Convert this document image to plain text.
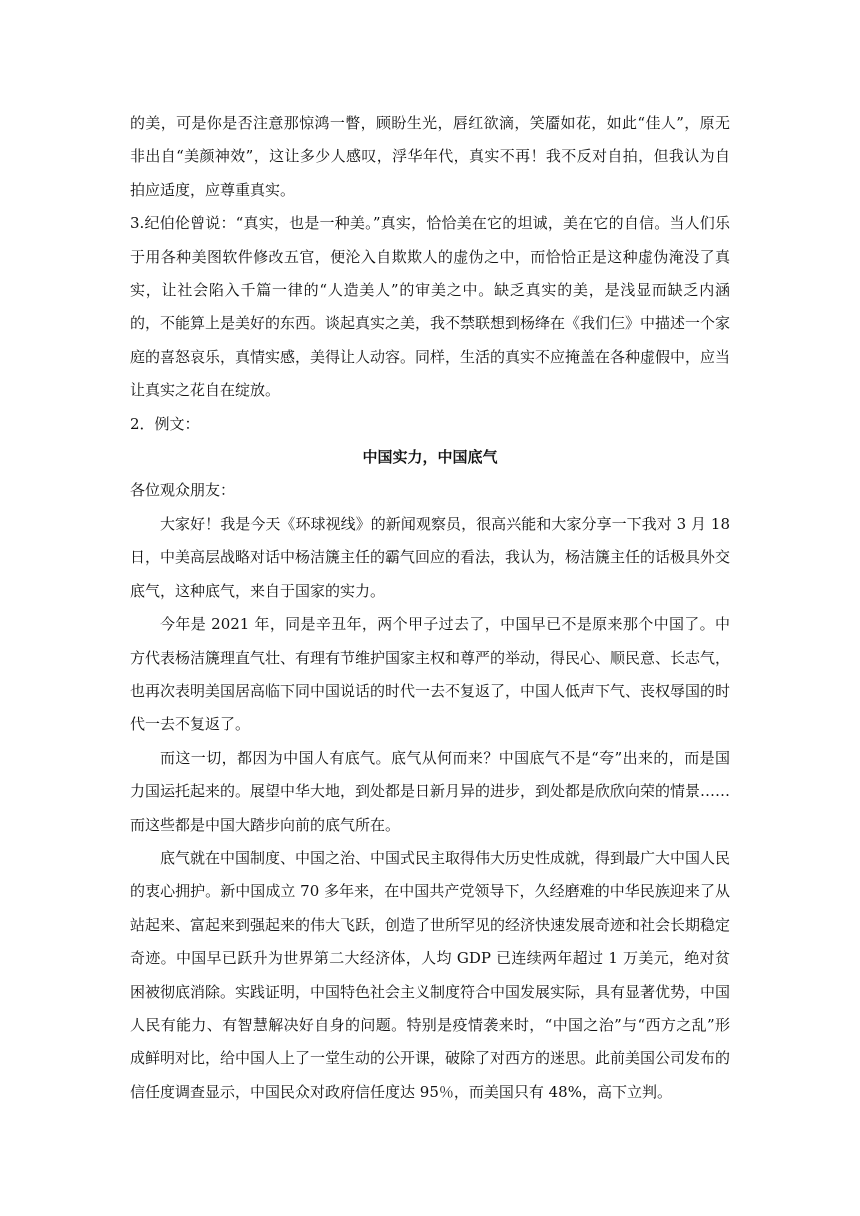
的美，可是你是否注意那惊鸿一瞥，顾盼生光，唇红欲滴，笑靥如花，如此“佳人”，原无非出自“美颜神效”，这让多少人感叹，浮华年代，真实不再！我不反对自拍，但我认为自拍应适度，应尊重真实。

3.纪伯伦曾说：“真实，也是一种美。”真实，恰恰美在它的坦诚，美在它的自信。当人们乐于用各种美图软件修改五官，便沦入自欺欺人的虚伪之中，而恰恰正是这种虚伪淹没了真实，让社会陷入千篇一律的“人造美人”的审美之中。缺乏真实的美，是浅显而缺乏内涵的，不能算上是美好的东西。谈起真实之美，我不禁联想到杨绛在《我们仨》中描述一个家庭的喜怒哀乐，真情实感，美得让人动容。同样，生活的真实不应掩盖在各种虚假中，应当让真实之花自在绽放。

2．例文：

中国实力，中国底气

各位观众朋友：

大家好！我是今天《环球视线》的新闻观察员，很高兴能和大家分享一下我对 3 月 18 日，中美高层战略对话中杨洁篪主任的霸气回应的看法，我认为，杨洁篪主任的话极具外交底气，这种底气，来自于国家的实力。

今年是 2021 年，同是辛丑年，两个甲子过去了，中国早已不是原来那个中国了。中方代表杨洁篪理直气壮、有理有节维护国家主权和尊严的举动，得民心、顺民意、长志气，也再次表明美国居高临下同中国说话的时代一去不复返了，中国人低声下气、丧权辱国的时代一去不复返了。

而这一切，都因为中国人有底气。底气从何而来？中国底气不是“夸”出来的，而是国力国运托起来的。展望中华大地，到处都是日新月异的进步，到处都是欣欣向荣的情景……而这些都是中国大踏步向前的底气所在。

底气就在中国制度、中国之治、中国式民主取得伟大历史性成就，得到最广大中国人民的衷心拥护。新中国成立 70 多年来，在中国共产党领导下，久经磨难的中华民族迎来了从站起来、富起来到强起来的伟大飞跃，创造了世所罕见的经济快速发展奇迹和社会长期稳定奇迹。中国早已跃升为世界第二大经济体，人均 GDP 已连续两年超过 1 万美元，绝对贫困被彻底消除。实践证明，中国特色社会主义制度符合中国发展实际，具有显著优势，中国人民有能力、有智慧解决好自身的问题。特别是疫情袭来时，“中国之治”与“西方之乱”形成鲜明对比，给中国人上了一堂生动的公开课，破除了对西方的迷思。此前美国公司发布的信任度调查显示，中国民众对政府信任度达 95％，而美国只有 48%，高下立判。
